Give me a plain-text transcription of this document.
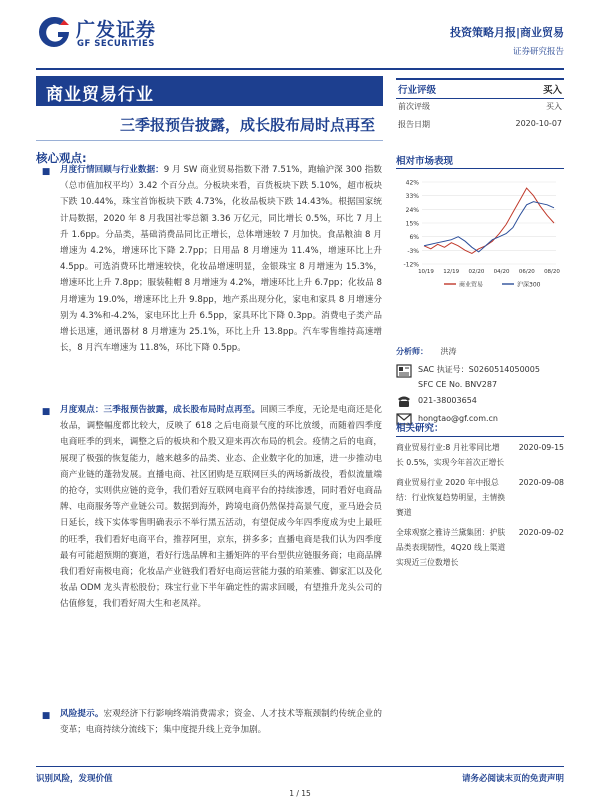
广发证券
GF SECURITIES
投资策略月报|商业贸易
证券研究报告
商业贸易行业
三季报预告披露，成长股布局时点再至
核心观点:
■ 月度行情回顾与行业数据：9 月 SW 商业贸易指数下滑 7.51%，跑输沪深 300 指数（总市值加权平均）3.42 个百分点。分板块来看，百货板块下跌 5.10%，超市板块下跌 10.44%，珠宝首饰板块下跌 4.73%，化妆品板块下跌 14.43%。根据国家统计局数据，2020 年 8 月我国社零总额 3.36 万亿元，同比增长 0.5%，环比 7 月上升 1.6pp。分品类，基础消费品同比正增长，总体增速较 7 月加快。食品粮油 8 月增速为 4.2%，增速环比下降 2.7pp；日用品 8 月增速为 11.4%，增速环比上升 4.5pp。可选消费环比增速较快，化妆品增速明显，金银珠宝 8 月增速为 15.3%，增速环比上升 7.8pp；服装鞋帽 8 月增速为 4.2%，增速环比上升 6.7pp；化妆品 8 月增速为 19.0%，增速环比上升 9.8pp，地产系出现分化，家电和家具 8 月增速分别为 4.3%和-4.2%，家电环比上升 6.5pp，家具环比下降 0.3pp。消费电子类产品增长迅速，通讯器材 8 月增速为 25.1%，环比上升 13.8pp。汽车零售维持高速增长，8 月汽车增速为 11.8%，环比下降 0.5pp。
■ 月度观点：三季报预告披露，成长股布局时点再至。回顾三季度，无论是电商还是化妆品，调整幅度都比较大，反映了 618 之后电商景气度的环比放缓，而随着四季度电商旺季的到来，调整之后的板块和个股又迎来再次布局的机会。疫情之后的电商，展现了极强的恢复能力，越来越多的品类、业态、企业数字化的加速，进一步推动电商产业链的蓬勃发展。直播电商、社区团购是互联网巨头的两场新战役，看似流量端的抢夺，实则供应链的竞争，我们看好互联网电商平台的持续渗透，同时看好电商品牌、电商服务等产业链公司。数据到海外，跨境电商仍然保持高景气度，亚马逊会员日延长，线下实体零售明确表示不举行黑五活动，有望促成今年四季度成为史上最旺的旺季，我们看好电商平台，推荐阿里，京东，拼多多；直播电商是我们认为四季度最有可能超预期的赛道，看好行选品牌和主播矩阵的平台型供应链服务商；电商品牌我们看好南极电商；化妆品产业链我们看好电商运营能力强的珀莱雅、御家汇以及化妆品 ODM 龙头青松股份；珠宝行业下半年确定性的需求回暖，有望推升龙头公司的估值修复，我们看好周大生和老凤祥。
■ 风险提示。宏观经济下行影响终端消费需求；资金、人才技术等瓶颈制约传统企业的变革；电商持续分流线下；集中度提升线上竞争加剧。
行业评级	买入
前次评级	买入
报告日期	2020-10-07
相对市场表现
42%
33%
24%
15%
6%
-3%
-12%
10/19 12/19 02/20 04/20 06/20 08/20
商业贸易	沪深300
分析师： 洪涛
SAC 执证号：S0260514050005
SFC CE No. BNV287
021-38003654
hongtao@gf.com.cn
相关研究：
商业贸易行业:8 月社零同比增长 0.5%，实现今年首次正增长	2020-09-15

商业贸易行业 2020 年中报总结：行业恢复趋势明显，主情换赛道	2020-09-08

全球观察之雅诗兰黛集团：护肤品类表现韧性，4Q20 线上渠道实现近三位数增长	2020-09-02
识别风险，发现价值	请务必阅读末页的免责声明
1 / 15
